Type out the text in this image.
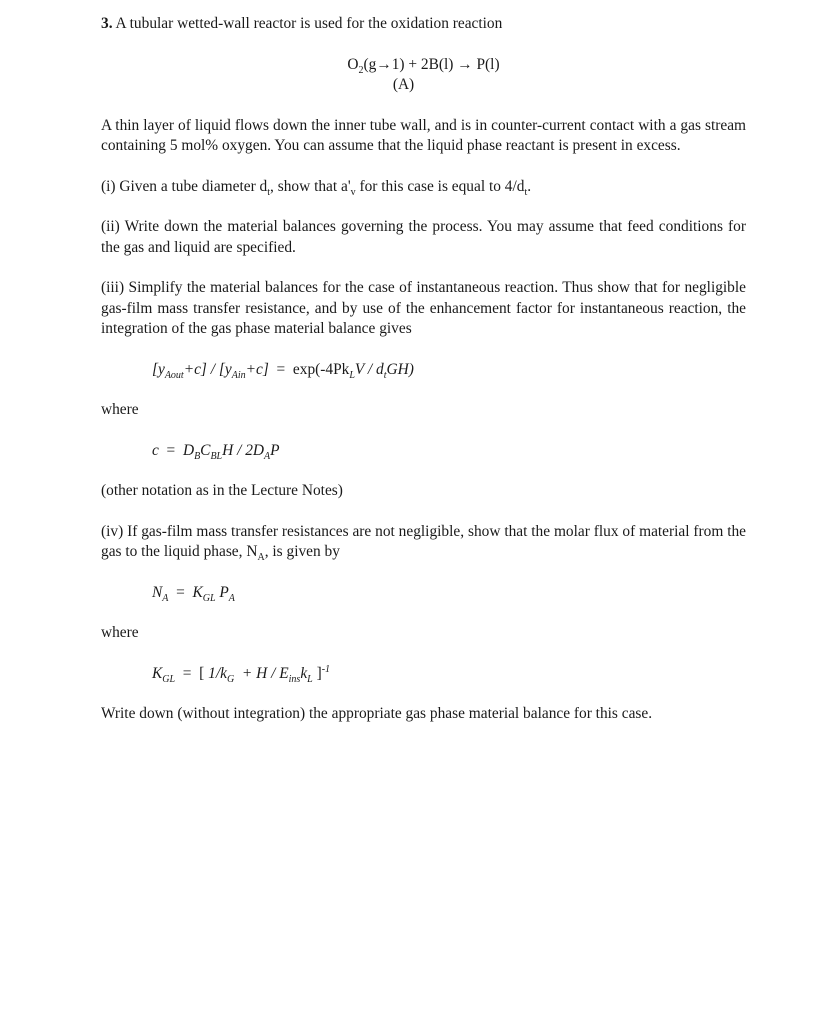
3. A tubular wetted-wall reactor is used for the oxidation reaction

$O_2(g\to 1) + 2B(l) \to P(l)$
(A)

A thin layer of liquid flows down the inner tube wall, and is in counter-current contact with a gas stream containing 5 mol% oxygen. You can assume that the liquid phase reactant is present in excess.

(i) Given a tube diameter $d_t$, show that $a'_v$ for this case is equal to $4/d_t$.

(ii) Write down the material balances governing the process. You may assume that feed conditions for the gas and liquid are specified.

(iii) Simplify the material balances for the case of instantaneous reaction. Thus show that for negligible gas-film mass transfer resistance, and by use of the enhancement factor for instantaneous reaction, the integration of the gas phase material balance gives

$[y_{Aout}+c] / [y_{Ain}+c] = \exp(-4Pk_LV / d_tGH)$

where

$c = D_BC_{BL}H / 2D_AP$

(other notation as in the Lecture Notes)

(iv) If gas-film mass transfer resistances are not negligible, show that the molar flux of material from the gas to the liquid phase, $N_A$, is given by

$N_A = K_{GL}$ $P_A$

where

$K_{GL}$ = [ $1/k_G + H / E_{ins}k_L$ ]$^{-1}$

Write down (without integration) the appropriate gas phase material balance for this case.
